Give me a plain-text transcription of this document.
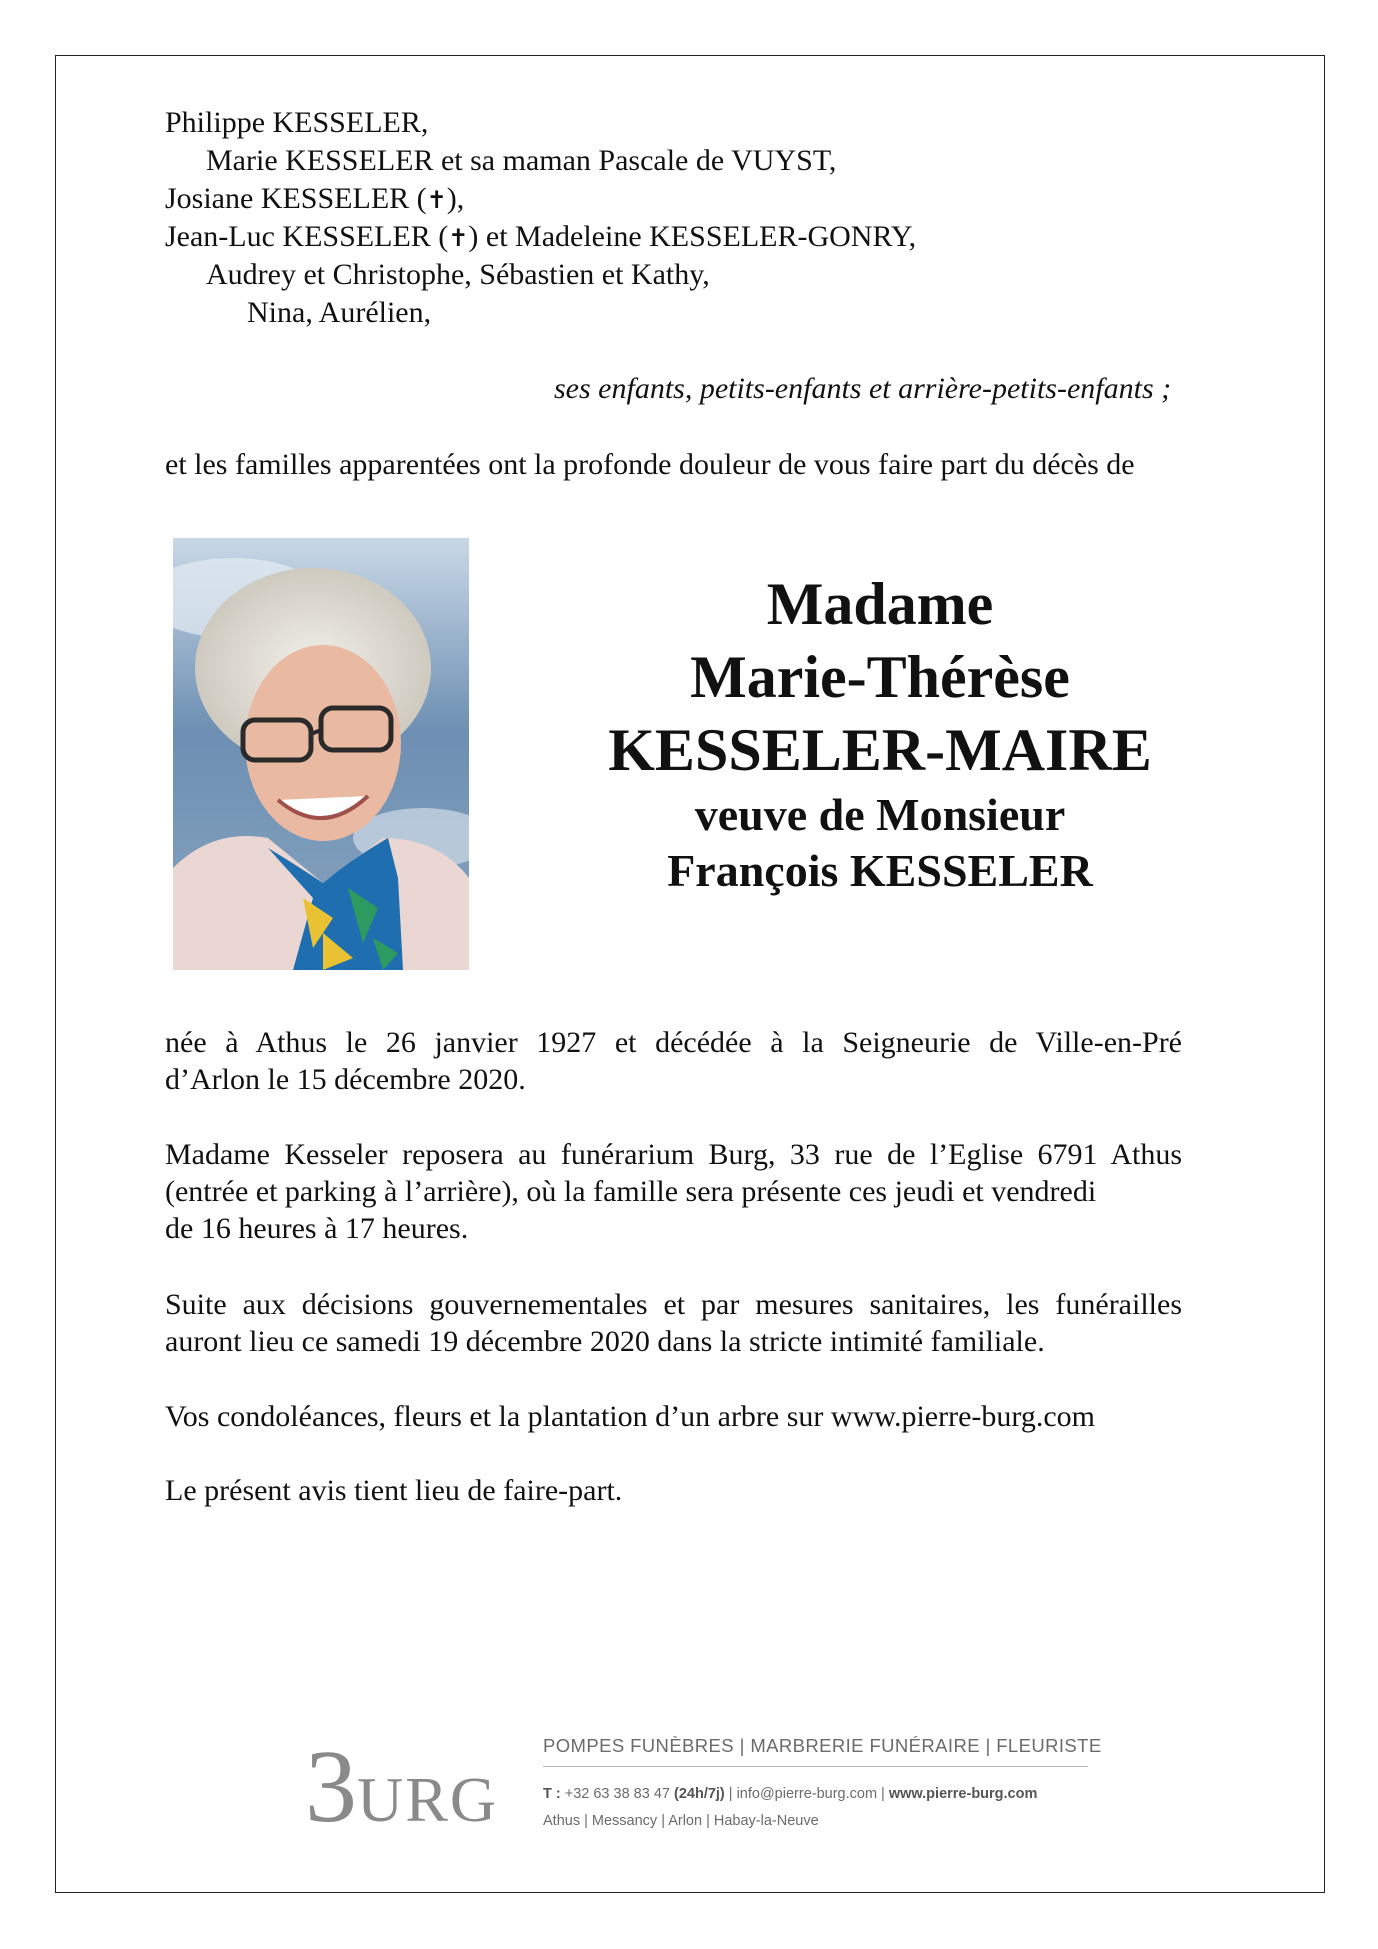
Philippe KESSELER,
Marie KESSELER et sa maman Pascale de VUYST,
Josiane KESSELER (✝),
Jean-Luc KESSELER (✝) et Madeleine KESSELER-GONRY,
Audrey et Christophe, Sébastien et Kathy,
Nina, Aurélien,
ses enfants, petits-enfants et arrière-petits-enfants ;
et les familles apparentées ont la profonde douleur de vous faire part du décès de
Madame
Marie-Thérèse
KESSELER-MAIRE
veuve de Monsieur
François KESSELER
née à Athus le 26 janvier 1927 et décédée à la Seigneurie de Ville-en-Pré
d’Arlon le 15 décembre 2020.
Madame Kesseler reposera au funérarium Burg, 33 rue de l’Eglise 6791 Athus
(entrée et parking à l’arrière), où la famille sera présente ces jeudi et vendredi
de 16 heures à 17 heures.
Suite aux décisions gouvernementales et par mesures sanitaires, les funérailles
auront lieu ce samedi 19 décembre 2020 dans la stricte intimité familiale.
Vos condoléances, fleurs et la plantation d’un arbre sur www.pierre-burg.com
Le présent avis tient lieu de faire-part.
3 URG
POMPES FUNÈBRES | MARBRERIE FUNÉRAIRE | FLEURISTE
T : +32 63 38 83 47 (24h/7j) | info@pierre-burg.com | www.pierre-burg.com
Athus | Messancy | Arlon | Habay-la-Neuve
